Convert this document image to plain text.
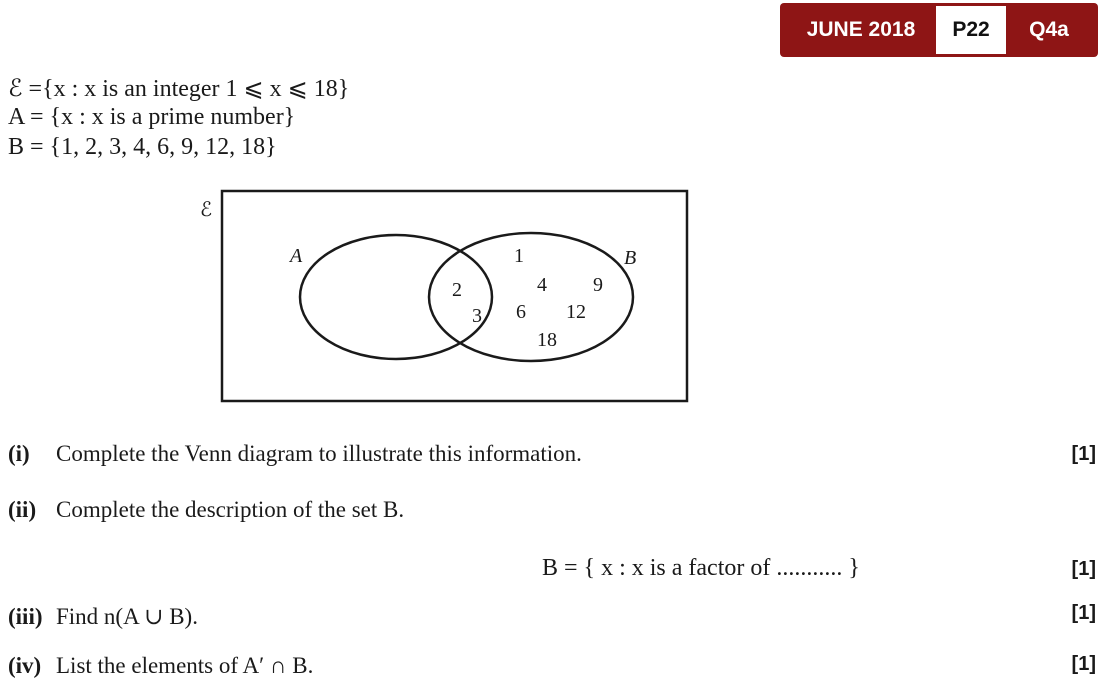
JUNE 2018	P22	Q4a
ℰ ={x : x is an integer 1 ⩽ x ⩽ 18}
A = {x : x is a prime number}
B = {1, 2, 3, 4, 6, 9, 12, 18}
ℰ
A	B
2
3
1
4 9
6 12
18
(i) Complete the Venn diagram to illustrate this information.	[1]
(ii) Complete the description of the set B.
B = { x : x is a factor of ........... }	[1]
(iii) Find n(A ∪ B).	[1]
(iv) List the elements of A′ ∩ B.	[1]
